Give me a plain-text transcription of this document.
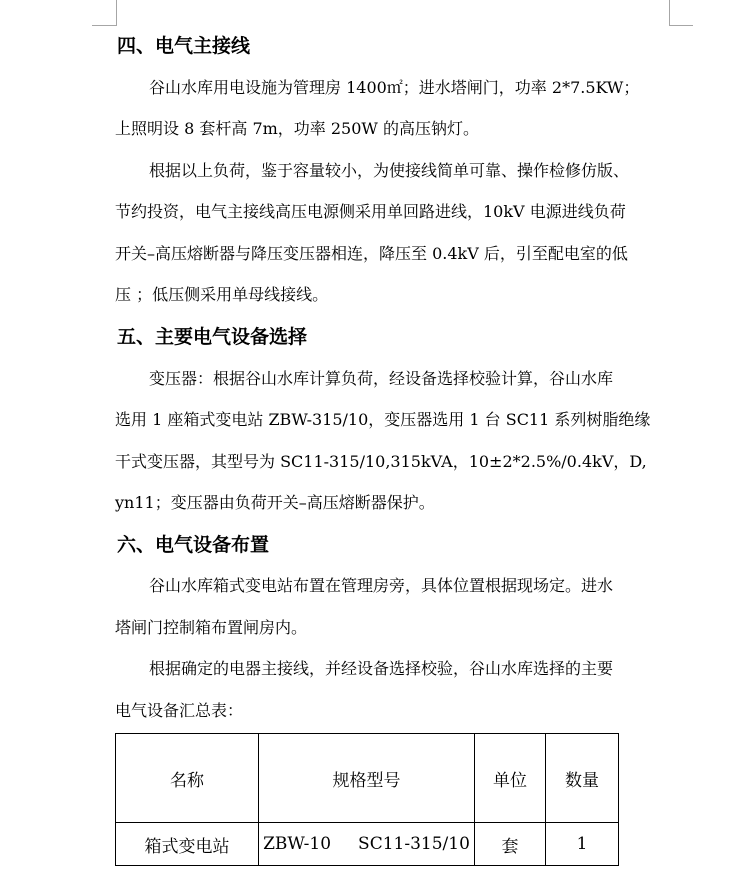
四、电气主接线
谷山水库用电设施为管理房 1400㎡；进水塔闸门，功率 2*7.5KW；
上照明设 8 套杆高 7m，功率 250W 的高压钠灯。
根据以上负荷，鉴于容量较小，为使接线简单可靠、操作检修仿版、
节约投资，电气主接线高压电源侧采用单回路进线，10kV 电源进线负荷
开关–高压熔断器与降压变压器相连，降压至 0.4kV 后，引至配电室的低
压 ；低压侧采用单母线接线。
五、主要电气设备选择
变压器：根据谷山水库计算负荷，经设备选择校验计算，谷山水库
选用 1 座箱式变电站 ZBW-315/10，变压器选用 1 台 SC11 系列树脂绝缘
干式变压器，其型号为 SC11-315/10,315kVA，10±2*2.5%/0.4kV，D,
yn11；变压器由负荷开关–高压熔断器保护。
六、电气设备布置
谷山水库箱式变电站布置在管理房旁，具体位置根据现场定。进水
塔闸门控制箱布置闸房内。
根据确定的电器主接线，并经设备选择校验，谷山水库选择的主要
电气设备汇总表：
名称	规格型号	单位	数量
箱式变电站	ZBW-10     SC11-315/10	套	1
